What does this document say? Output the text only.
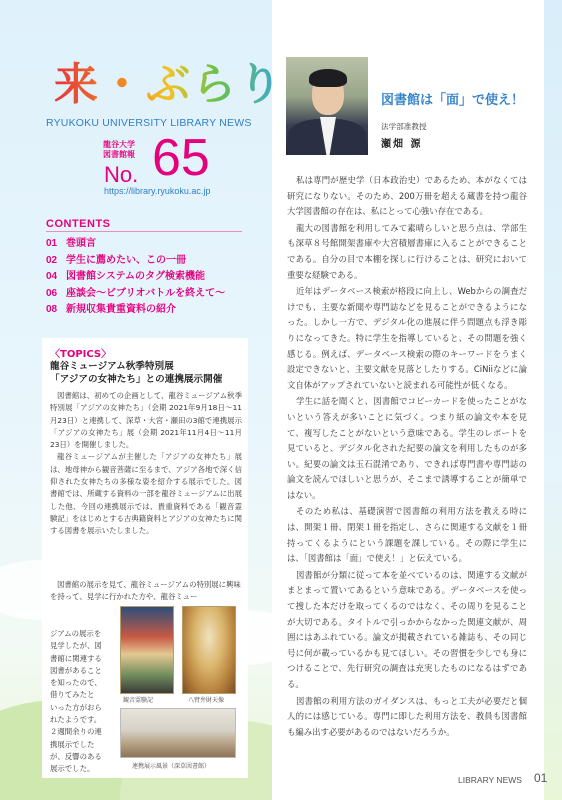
来・ぶらり
RYUKOKU UNIVERSITY LIBRARY NEWS
龍谷大学
図書館報
No. 65
https://library.ryukoku.ac.jp
CONTENTS
01 巻頭言
02 学生に薦めたい、この一冊
04 図書館システムのタグ検索機能
06 座談会～ビブリオバトルを終えて～
08 新規収集貴重資料の紹介
〈TOPICS〉
龍谷ミュージアム秋季特別展
「アジアの女神たち」との連携展示開催

図書館は、初めての企画として、龍谷ミュージアム秋季特別展「アジアの女神たち」（会期 2021年9月18日～11月23日）と連携して、深草・大宮・瀬田の3館で連携展示「アジアの女神たち」展（会期 2021年11月4日～11月23日）を開催しました。

龍谷ミュージアムが主催した「アジアの女神たち」展は、地母神から観音菩薩に至るまで、アジア各地で深く信仰された女神たちの多様な姿を紹介する展示でした。図書館では、所蔵する資料の一部を龍谷ミュージアムに出展した他、今回の連携展示では、貴重資料である「観音霊験記」をはじめとする古典籍資料とアジアの女神たちに関する図書を展示いたしました。

図書館の展示を見て、龍谷ミュージアムの特別展に興味を持って、見学に行かれた方や、龍谷ミュー

ジアムの展示を
見学したが、図
書館に関連する
図書があること
を知ったので、
借りてみたと
いった方がおら
れたようです。
２週間余りの連
携展示でした
が、反響のある
展示でした。
観音霊験記	八臂弁財天像
連携展示風景（深草図書館）
図書館は「面」で使え！
法学部准教授
瀬畑 源

私は専門が歴史学（日本政治史）であるため、本がなくては研究になりない。そのため、200万冊を超える蔵書を持つ龍谷大学図書館の存在は、私にとって心強い存在である。

龍大の図書館を利用してみて素晴らしいと思う点は、学部生も深草８号館開架書庫や大宮積層書庫に入ることができることである。自分の目で本棚を探しに行けることは、研究において重要な経験である。

近年はデータベース検索が格段に向上し、Webからの調査だけでも、主要な新聞や専門誌などを見ることができるようになった。しかし一方で、デジタル化の進展に伴う問題点も浮き彫りになってきた。特に学生を指導していると、その問題を強く感じる。例えば、データベース検索の際のキーワードをうまく設定できないと、主要文献を見落としたりする。CiNiiなどに論文自体がアップされていないと読まれる可能性が低くなる。

学生に話を聞くと、図書館でコピーカードを使ったことがないという答えが多いことに気づく。つまり紙の論文や本を見て、複写したことがないという意味である。学生のレポートを見ていると、デジタル化された紀要の論文を利用したものが多い。紀要の論文は玉石混淆であり、できれば専門書や専門誌の論文を読んでほしいと思うが、そこまで誘導することが簡単ではない。

そのため私は、基礎演習で図書館の利用方法を教える時には、開架１冊、閉架１冊を指定し、さらに関連する文献を１冊持ってくるようにという課題を課している。その際に学生には、「図書館は「面」で使え！」と伝えている。

図書館が分類に従って本を並べているのは、関連する文献がまとまって置いてあるという意味である。データベースを使って捜した本だけを取ってくるのではなく、その周りを見ることが大切である。タイトルで引っかからなかった関連文献が、周囲にはあふれている。論文が掲載されている雑誌も、その同じ号に何が載っているかも見てほしい。その習慣を少しでも身につけることで、先行研究の調査は充実したものになるはずである。

図書館の利用方法のガイダンスは、もっと工夫が必要だと個人的には感じている。専門に即した利用方法を、教員も図書館も編み出す必要があるのではないだろうか。

LIBRARY NEWS 01
